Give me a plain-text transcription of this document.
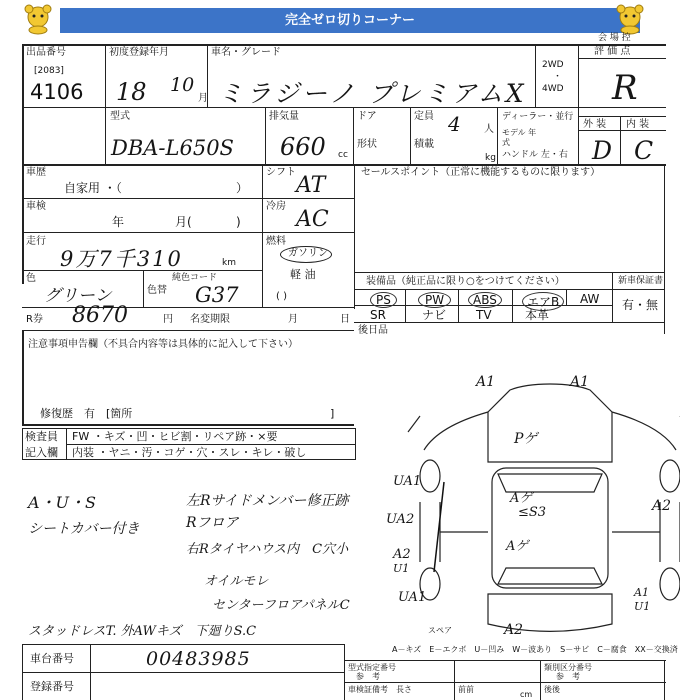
完全ゼロ切りコーナー
会 場 控
出品番号
[2083]
4106
初度登録年月
18 10
月
車名・グレード
ミラジーノ プレミアムX
2WD
・
4WD
評 価 点
R
外 装 内 装
D C
型式
DBA-L650S
排気量
660 cc
ドア
形状
定員 4 人
積載
kg
ディーラー・並行
モデル 年式
ハンドル 左・右
車歴
自家用 ・（	）
車検
年	月(	)
走行
9万7千310	km
色
グリーン	色替
純色コード
G37
R券 8670	円 名変期限	月	日
シフト
AT
冷房
AC
燃料
ガソリン
軽 油
( )
セールスポイント（正常に機能するものに限ります）
装備品（純正品に限り○をつけてください）	新車保証書
PS	PW	ABS	エアB	AW
SR	ナビ TV	本革
有・無
後日品
注意事項申告欄（不具合内容等は具体的に記入して下さい）
修復歴　有　[箇所	]
検査員
記入欄
FW ・キズ・凹・ヒビ割・リペア跡・×要
内装 ・ヤニ・汚・コゲ・穴・スレ・キレ・破し
A・U・S
シートカバー付き
左Rサイドメンバー修正跡
Rフロア
右Rタイヤハウス内　C穴小
オイルモレ
センターフロアパネルC
スタッドレスT. 外AWキズ　下廻りS.C
A1	A1
Pゲ
Aゲ
≤S3
Aゲ
UA1
UA2
A2
U1
UA1
A2
A1
U1
A2
スペア
A－キズ　E－エクボ　U－凹み　W－波あり　S－サビ　C－腐食　XX－交換済
車台番号	00483985
登録番号
型式指定番号	類別区分番号
参　考	参　考
車検証備考 長さ	前前	後後
cm
